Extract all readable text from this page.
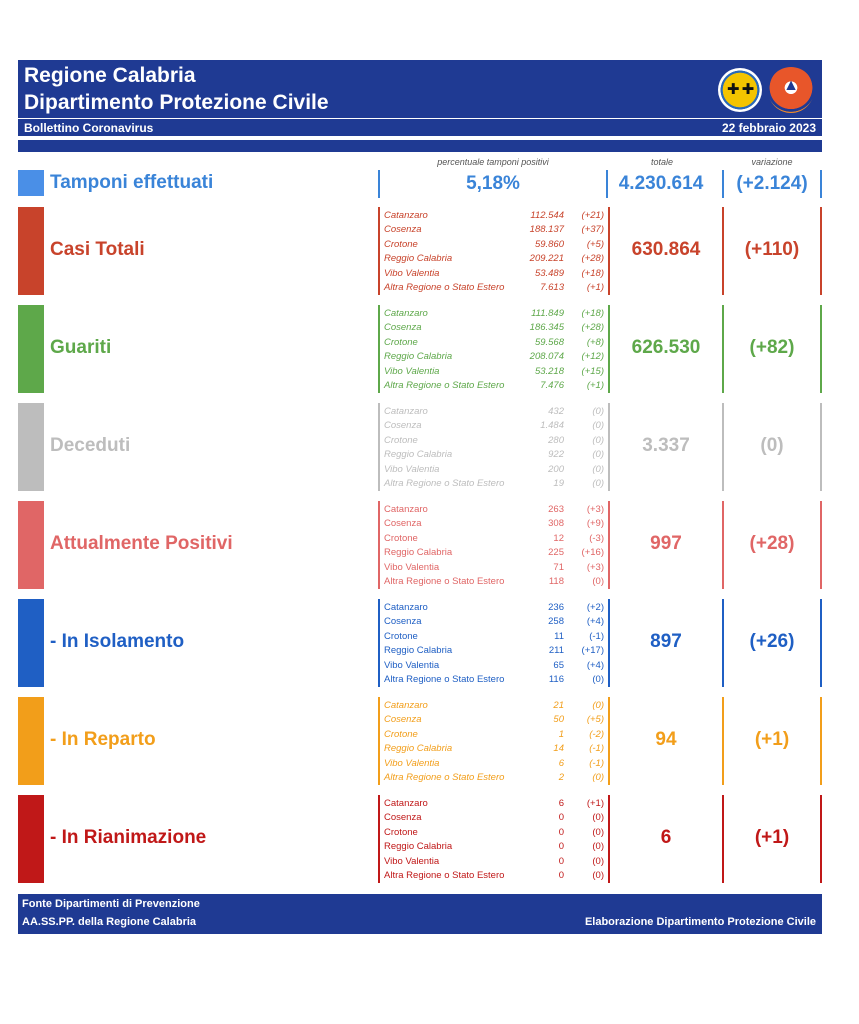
Regione Calabria
Dipartimento Protezione Civile
✚ ✚
▲
Bollettino Coronavirus	22 febbraio 2023
percentuale tamponi positivi	totale	variazione
Tamponi effettuati	5,18%	4.230.614	(+2.124)
Casi Totali
Catanzaro	112.544	(+21)
Cosenza	188.137	(+37)
Crotone	59.860	(+5)
Reggio Calabria	209.221	(+28)
Vibo Valentia	53.489	(+18)
Altra Regione o Stato Estero	7.613	(+1)
630.864	(+110)
Guariti
Catanzaro	111.849	(+18)
Cosenza	186.345	(+28)
Crotone	59.568	(+8)
Reggio Calabria	208.074	(+12)
Vibo Valentia	53.218	(+15)
Altra Regione o Stato Estero	7.476	(+1)
626.530	(+82)
Deceduti
Catanzaro	432	(0)
Cosenza	1.484	(0)
Crotone	280	(0)
Reggio Calabria	922	(0)
Vibo Valentia	200	(0)
Altra Regione o Stato Estero	19	(0)
3.337	(0)
Attualmente Positivi
Catanzaro	263	(+3)
Cosenza	308	(+9)
Crotone	12	(-3)
Reggio Calabria	225	(+16)
Vibo Valentia	71	(+3)
Altra Regione o Stato Estero	118	(0)
997	(+28)
- In Isolamento
Catanzaro	236	(+2)
Cosenza	258	(+4)
Crotone	11	(-1)
Reggio Calabria	211	(+17)
Vibo Valentia	65	(+4)
Altra Regione o Stato Estero	116	(0)
897	(+26)
- In Reparto
Catanzaro	21	(0)
Cosenza	50	(+5)
Crotone	1	(-2)
Reggio Calabria	14	(-1)
Vibo Valentia	6	(-1)
Altra Regione o Stato Estero	2	(0)
94	(+1)
- In Rianimazione
Catanzaro	6	(+1)
Cosenza	0	(0)
Crotone	0	(0)
Reggio Calabria	0	(0)
Vibo Valentia	0	(0)
Altra Regione o Stato Estero	0	(0)
6	(+1)
Fonte Dipartimenti di Prevenzione
AA.SS.PP. della Regione Calabria	Elaborazione Dipartimento Protezione Civile
